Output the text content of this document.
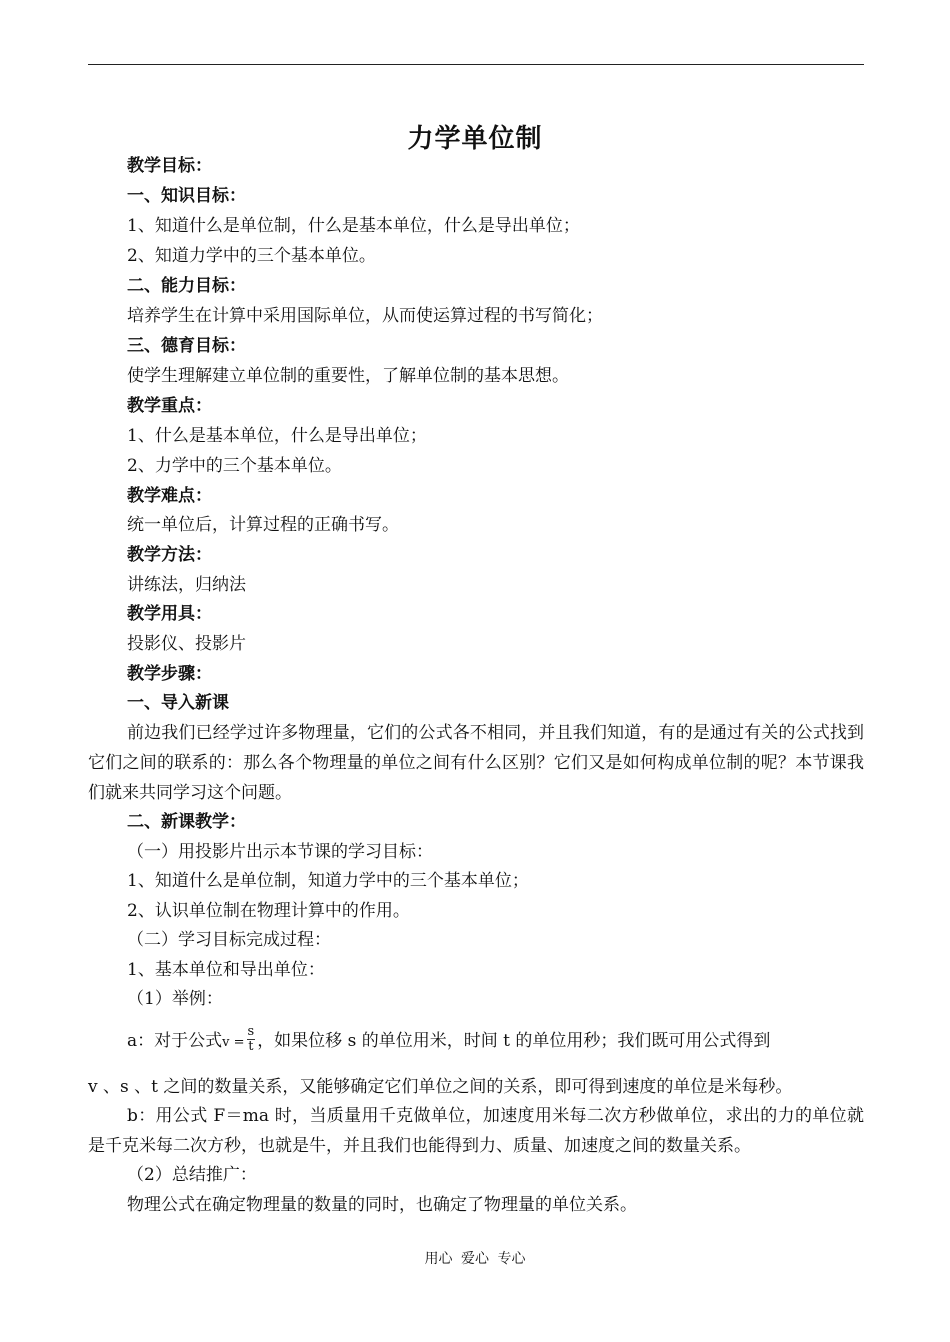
力学单位制
教学目标：
一、知识目标：
1、知道什么是单位制，什么是基本单位，什么是导出单位；
2、知道力学中的三个基本单位。
二、能力目标：
培养学生在计算中采用国际单位，从而使运算过程的书写简化；
三、德育目标：
使学生理解建立单位制的重要性，了解单位制的基本思想。
教学重点：
1、什么是基本单位，什么是导出单位；
2、力学中的三个基本单位。
教学难点：
统一单位后，计算过程的正确书写。
教学方法：
讲练法，归纳法
教学用具：
投影仪、投影片
教学步骤：
一、导入新课
前边我们已经学过许多物理量，它们的公式各不相同，并且我们知道，有的是通过有关的公式找到它们之间的联系的：那么各个物理量的单位之间有什么区别？它们又是如何构成单位制的呢？本节课我们就来共同学习这个问题。
二、新课教学：
（一）用投影片出示本节课的学习目标：
1、知道什么是单位制，知道力学中的三个基本单位；
2、认识单位制在物理计算中的作用。
（二）学习目标完成过程：
1、基本单位和导出单位：
（1）举例：
a：对于公式$v = \frac{s}{t}$ ，如果位移 s 的单位用米，时间 t 的单位用秒；我们既可用公式得到
v 、s 、t 之间的数量关系，又能够确定它们单位之间的关系，即可得到速度的单位是米每秒。
b：用公式 F＝ma 时，当质量用千克做单位，加速度用米每二次方秒做单位，求出的力的单位就是千克米每二次方秒，也就是牛，并且我们也能得到力、质量、加速度之间的数量关系。
（2）总结推广：
物理公式在确定物理量的数量的同时，也确定了物理量的单位关系。
用心 爱心 专心
